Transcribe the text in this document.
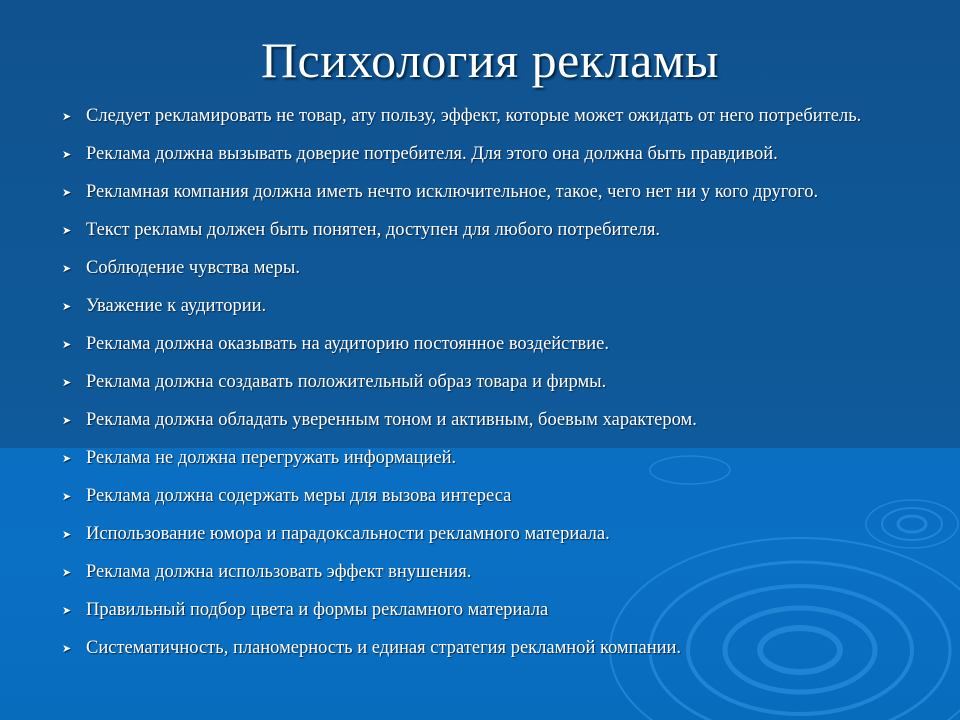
Психология рекламы
➤ Следует рекламировать не товар, ату пользу, эффект, которые может ожидать от него потребитель.
➤ Реклама должна вызывать доверие потребителя. Для этого она должна быть правдивой.
➤ Рекламная компания должна иметь нечто исключительное, такое, чего нет ни у кого другого.
➤ Текст рекламы должен быть понятен, доступен для любого потребителя.
➤ Соблюдение чувства меры.
➤ Уважение к аудитории.
➤ Реклама должна оказывать на аудиторию постоянное воздействие.
➤ Реклама должна создавать положительный образ товара и фирмы.
➤ Реклама должна обладать уверенным тоном и активным, боевым характером.
➤ Реклама не должна перегружать информацией.
➤ Реклама должна содержать меры для вызова интереса
➤ Использование юмора и парадоксальности рекламного материала.
➤ Реклама должна использовать эффект внушения.
➤ Правильный подбор цвета и формы рекламного материала
➤ Систематичность, планомерность и единая стратегия рекламной компании.
